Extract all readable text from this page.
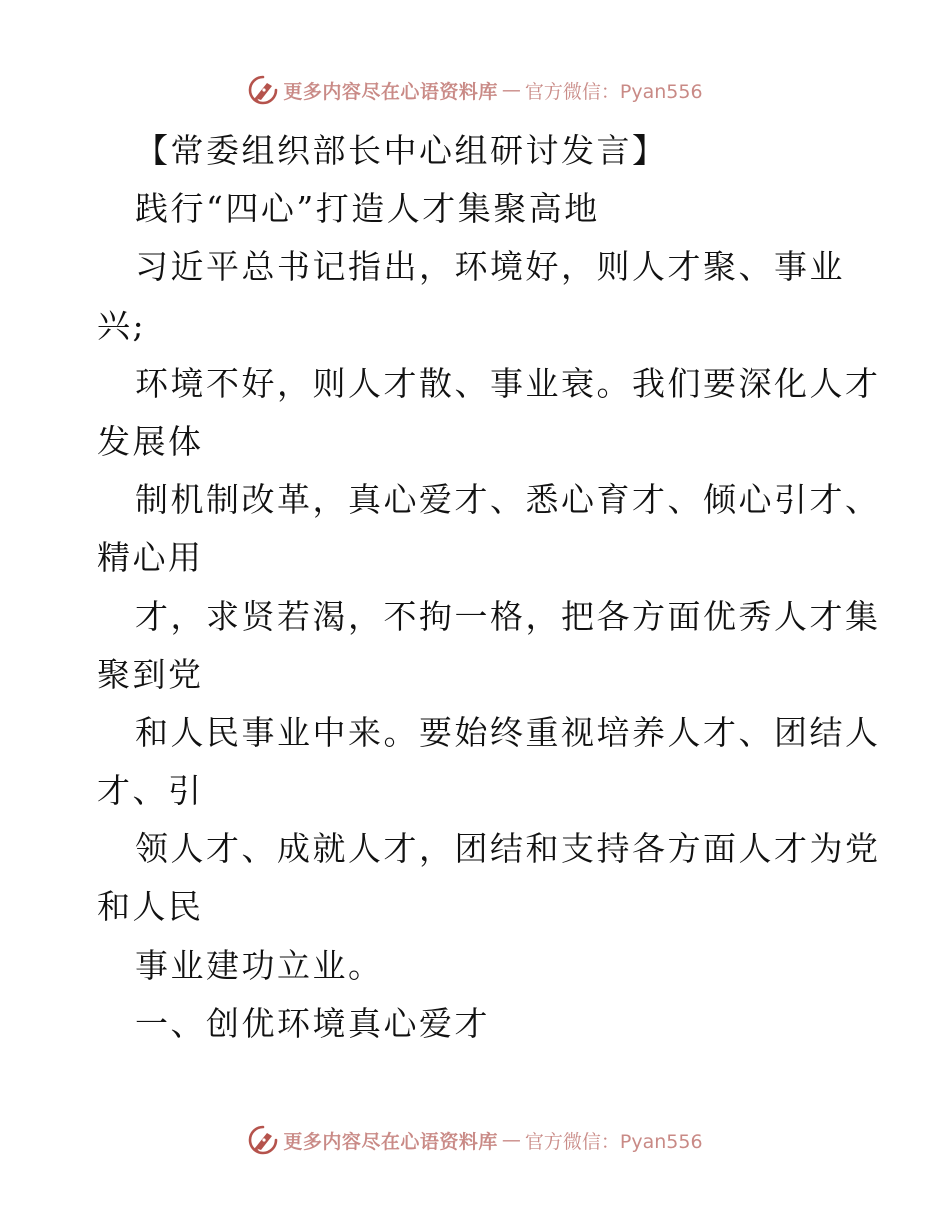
更多内容尽在心语资料库 — 官方微信：Pyan556
【常委组织部长中心组研讨发言】
践行“四心”打造人才集聚高地
习近平总书记指出，环境好，则人才聚、事业
兴;
环境不好，则人才散、事业衰。我们要深化人才
发展体
制机制改革，真心爱才、悉心育才、倾心引才、
精心用
才，求贤若渴，不拘一格，把各方面优秀人才集
聚到党
和人民事业中来。要始终重视培养人才、团结人
才、引
领人才、成就人才，团结和支持各方面人才为党
和人民
事业建功立业。
一、创优环境真心爱才
更多内容尽在心语资料库 — 官方微信：Pyan556
